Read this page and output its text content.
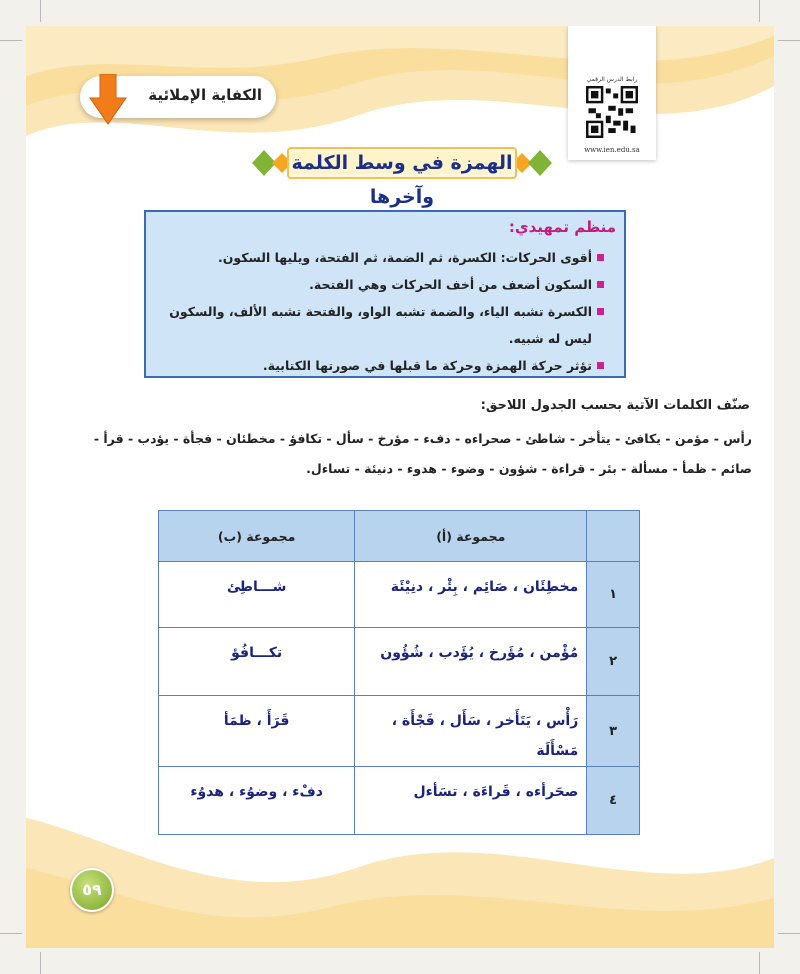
الكفاية الإملائية
رابط الدرس الرقمي
www.ien.edu.sa
الهمزة في وسط الكلمة وآخرها
منظم تمهيدي:
أقوى الحركات: الكسرة، ثم الضمة، ثم الفتحة، ويليها السكون.
السكون أضعف من أخف الحركات وهي الفتحة.
الكسرة تشبه الياء، والضمة تشبه الواو، والفتحة تشبه الألف، والسكون ليس له شبيه.
تؤثر حركة الهمزة وحركة ما قبلها في صورتها الكتابية.
صنّف الكلمات الآتية بحسب الجدول اللاحق:
رأس - مؤمن - يكافئ - يتأخر - شاطئ - صحراءه - دفء - مؤرخ - سأل - تكافؤ - مخطئان - فجأة - يؤدب - قرأ -
صائم - ظمأ - مسألة - بئر - قراءة - شؤون - وضوء - هدوء - دنيئة - تساءل.
	مجموعة (أ)	مجموعة (ب)
١	مخطِئَان ، صَائِم ، بِئْر ، دنِيْئَة	شـــاطِئ

٢	مُؤْمن ، مُؤَرخ ، يُؤَدب ، شُؤُون	تكـــافُؤ

٣	رَأْس ، يَتَأَخر ، سَأَل ، فَجْأَة ، مَسْأَلَة	قَرَأَ ، ظمَأ

٤	صحَرأءه ، قَراءَة ، تسَأءل	دفْء ، وضوُء ، هدوُء
٥٩
